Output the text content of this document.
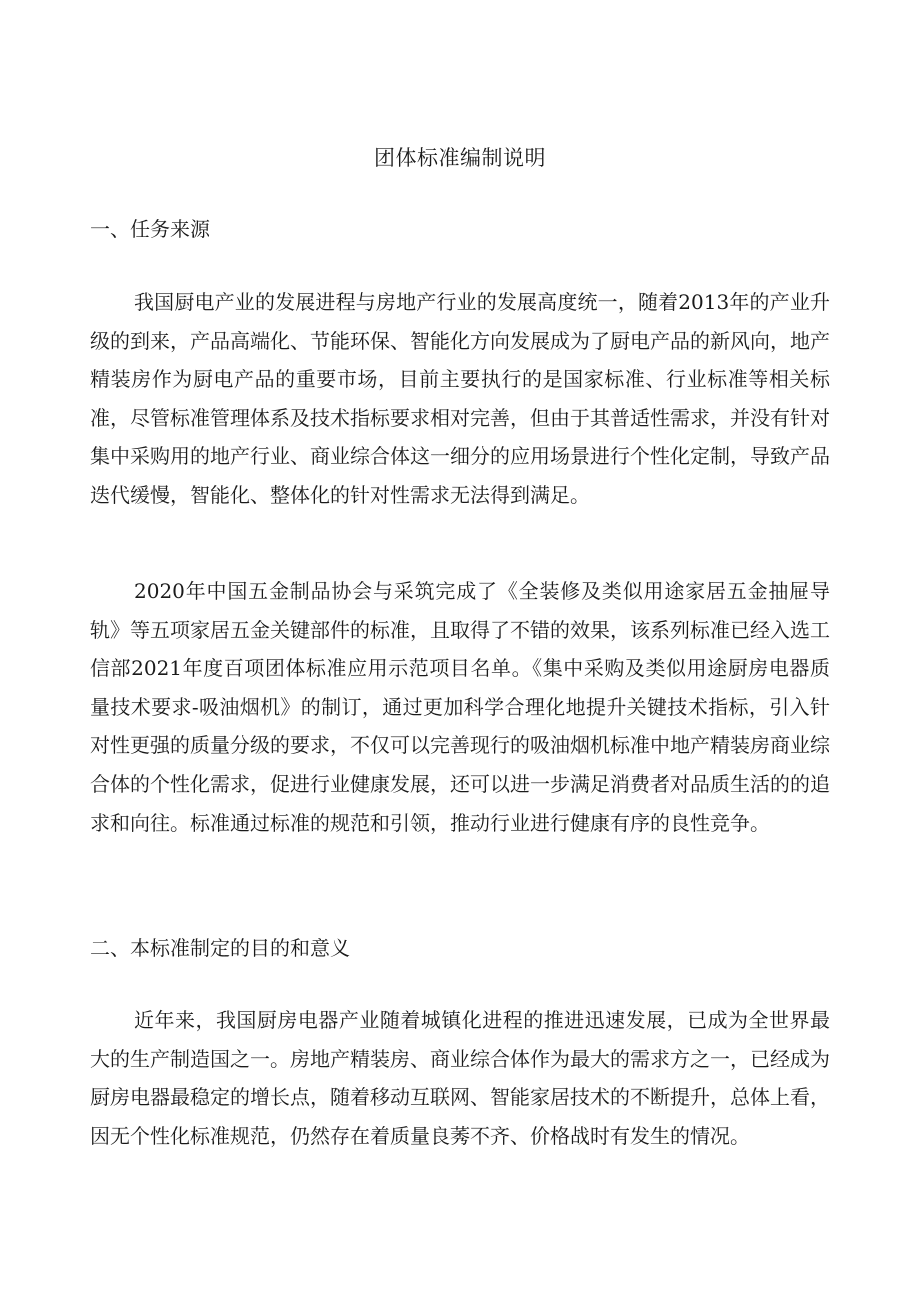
团体标准编制说明
一、任务来源

我国厨电产业的发展进程与房地产行业的发展高度统一，随着2013年的产业升级的到来，产品高端化、节能环保、智能化方向发展成为了厨电产品的新风向，地产精装房作为厨电产品的重要市场，目前主要执行的是国家标准、行业标准等相关标准，尽管标准管理体系及技术指标要求相对完善，但由于其普适性需求，并没有针对集中采购用的地产行业、商业综合体这一细分的应用场景进行个性化定制，导致产品迭代缓慢，智能化、整体化的针对性需求无法得到满足。

2020年中国五金制品协会与采筑完成了《全装修及类似用途家居五金抽屉导轨》等五项家居五金关键部件的标准，且取得了不错的效果，该系列标准已经入选工信部2021年度百项团体标准应用示范项目名单。《集中采购及类似用途厨房电器质量技术要求-吸油烟机》的制订，通过更加科学合理化地提升关键技术指标，引入针对性更强的质量分级的要求，不仅可以完善现行的吸油烟机标准中地产精装房商业综合体的个性化需求，促进行业健康发展，还可以进一步满足消费者对品质生活的的追求和向往。标准通过标准的规范和引领，推动行业进行健康有序的良性竞争。

二、本标准制定的目的和意义

近年来，我国厨房电器产业随着城镇化进程的推进迅速发展，已成为全世界最大的生产制造国之一。房地产精装房、商业综合体作为最大的需求方之一，已经成为厨房电器最稳定的增长点，随着移动互联网、智能家居技术的不断提升，总体上看，因无个性化标准规范，仍然存在着质量良莠不齐、价格战时有发生的情况。
